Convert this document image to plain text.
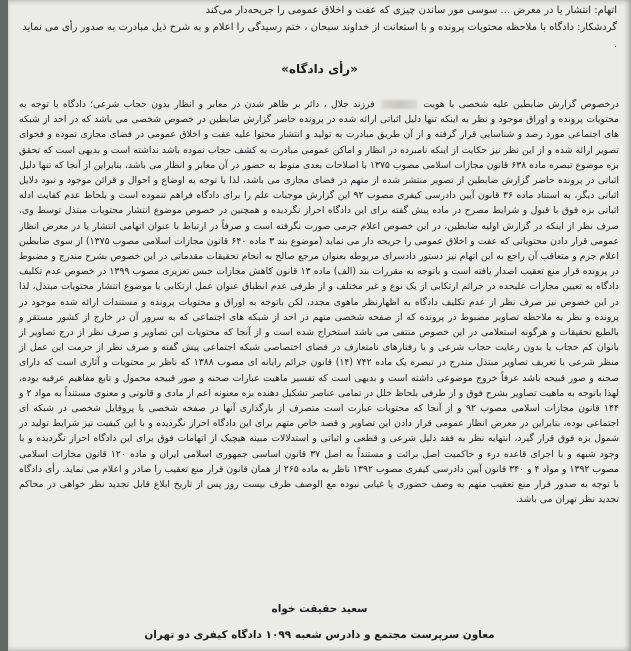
اتهام: انتشار یا در معرض ... سوسی مور ساندن چیزی که عفت و اخلاق عمومی را جریحه‌دار می‌کند
گردشکار: دادگاه با ملاحظه محتویات پرونده و با استعانت از خداوند سبحان ، ختم رسیدگی را اعلام و به شرح ذیل مبادرت به صدور رأی می نماید .
«رأی دادگاه»

درخصوص گزارش ضابطین علیه شخصی با هویت  فرزند جلال ، دائر بر ظاهر شدن در معابر و انظار بدون حجاب شرعی؛ دادگاه با توجه به محتویات پرونده و اوراق موجود و نظر به اینکه تنها دلیل اثباتی ارائه شده در پرونده حاضر گزارش ضابطین در خصوص شخصی می باشد که در احد از شبکه های اجتماعی مورد رصد و شناسایی قرار گرفته و از آن طریق مبادرت به تولید و انتشار محتوا علیه عفت و اخلاق عمومی در فضای مجازی نموده و فحوای تصویر ارائه شده و از این نظر نیز حکایت از اینکه نامبرده در انظار و اماکن عمومی مبادرت به کشف حجاب نموده باشد نداشته است و بدیهی است که تحقق بزه موضوع تبصره ماده ۶۳۸ قانون مجازات اسلامی مصوب ۱۳۷۵ با اصلاحات بعدی منوط به حضور در آن معابر و انظار می باشد، بنابراین از آنجا که تنها دلیل اثباتی در پرونده حاضر گزارش ضابطین از تصویر منتشر شده از متهم در فضای مجازی می باشد، لذا با توجه به اوضاع و احوال و قرائن موجود و نبود دلایل اثباتی دیگر، به استناد ماده ۳۶ قانون آیین دادرسی کیفری مصوب ۹۲ این گزارش موجبات علم را برای دادگاه فراهم ننموده است و بلحاظ عدم کفایت ادله اثباتی بزه فوق با قبول و شرایط مصرح در ماده پیش گفته برای این دادگاه احراز نگردیده و همچنین در خصوص موضوع انتشار محتویات مبتذل توسط وی، صرف نظر از اینکه در گزارش اولیه ضابطین، در این خصوص اعلام جرمی صورت نگرفته است و صرفاً در ارتباط با عنوان اتهامی انتشار یا در معرض انظار عمومی قرار دادن محتویاتی که عفت و اخلاق عمومی را جریحه دار می نماید (موضوع بند ۳ ماده ۶۴۰ قانون مجازات اسلامی مصوب ۱۳۷۵) از سوی ضابطین اعلام جرم و متعاقب آن راجع به این اتهام نیز دستور دادسرای مربوطه بعنوان مرجع صالح به انجام تحقیقات مقدماتی در این خصوص بشرح مندرج و مضبوط در پرونده قرار منع تعقیب اصدار یافته است و باتوجه به مقررات بند (الف) ماده ۱۳ قانون کاهش مجازات حبس تعزیری مصوب ۱۳۹۹ در خصوص عدم تکلیف دادگاه به تعیین مجازات علیحده در جرائم ارتکابی از یک نوع و غیر مختلف و از طرفی عدم انطباق عنوان عمل ارتکابی با موضوع انتشار محتویات مبتذل، لذا در این خصوص نیز صرف نظر از عدم تکلیف دادگاه به اظهارنظر ماهوی مجدد، لکن باتوجه به اوراق و محتویات پرونده و مستندات ارائه شده موجود در پرونده و نظر به ملاحظه تصاویر مضبوط در پرونده که از صفحه شخصی متهم در احد از شبکه های اجتماعی که به سرور آن در خارج از کشور مستقر و بالطبع تحقیقات و هرگونه استعلامی در این خصوص منتفی می باشد استخراج شده است و از آنجا که محتویات این تصاویر و صرف نظر از درج تصاویر از بانوان کم حجاب یا بدون رعایت حجاب شرعی و یا رفتارهای نامتعارف در فضای اختصاصی شبکه اجتماعی پیش گفته و صرف نظر از حرمت این عمل از منظر شرعی با تعریف تصاویر مبتذل مندرج در تبصره یک ماده ۷۴۲ (۱۴) قانون جرائم رایانه ای مصوب ۱۳۸۸ که ناظر بر محتویات و آثاری است که دارای صحنه و صور قبیحه باشد عرفاً خروج موضوعی داشته است و بدیهی است که تفسیر ماهیت عبارات صحنه و صور قبیحه محمول و تابع مفاهیم عرفیه بوده، لهذا باتوجه به ماهیت تصاویر بشرح فوق و از طرفی بلحاظ خلل در تمامی عناصر تشکیل دهنده بزه معنونه اعم از مادی و قانونی و معنوی مستنداً به مواد ۲ و ۱۴۴ قانون مجازات اسلامی مصوب ۹۲ و از آنجا که محتویات عبارت است متصرف از بارگذاری آنها در صفحه شخصی یا پروفایل شخصی در شبکه ای اجتماعی بوده، بنابراین در معرض انظار عمومی قرار دادن این تصاویر و قصد خاص متهم برای این دادگاه احراز نگردیده و با این کیفیت نیز شرایط تولید در شمول بزه فوق قرار گیرد، انتهایه نظر به فقد دلیل شرعی و قطعی و اثباتی و استدلالات مبینه هیچیک از اتهامات فوق برای این دادگاه احراز نگردیده و با وجود شبهه و با اجرای قاعده درء و حاکمیت اصل برائت و مستنداً به اصل ۳۷ قانون اساسی جمهوری اسلامی ایران و ماده ۱۲۰ قانون مجازات اسلامی مصوب ۱۳۹۲ و مواد ۴ و ۳۴۰ قانون آیین دادرسی کیفری مصوب ۱۳۹۲ ناظر به ماده ۲۶۵ از همان قانون قرار منع تعقیب را صادر و اعلام می نماید. رأی دادگاه با توجه به صدور قرار منع تعقیب متهم به وصف حضوری یا غیابی نبوده مع الوصف ظرف بیست روز پس از تاریخ ابلاغ قابل تجدید نظر خواهی در محاکم تجدید نظر تهران می باشد.

سعید حقیقت خواه
معاون سرپرست مجتمع و دادرس شعبه ۱۰۹۹ دادگاه کیفری دو تهران
